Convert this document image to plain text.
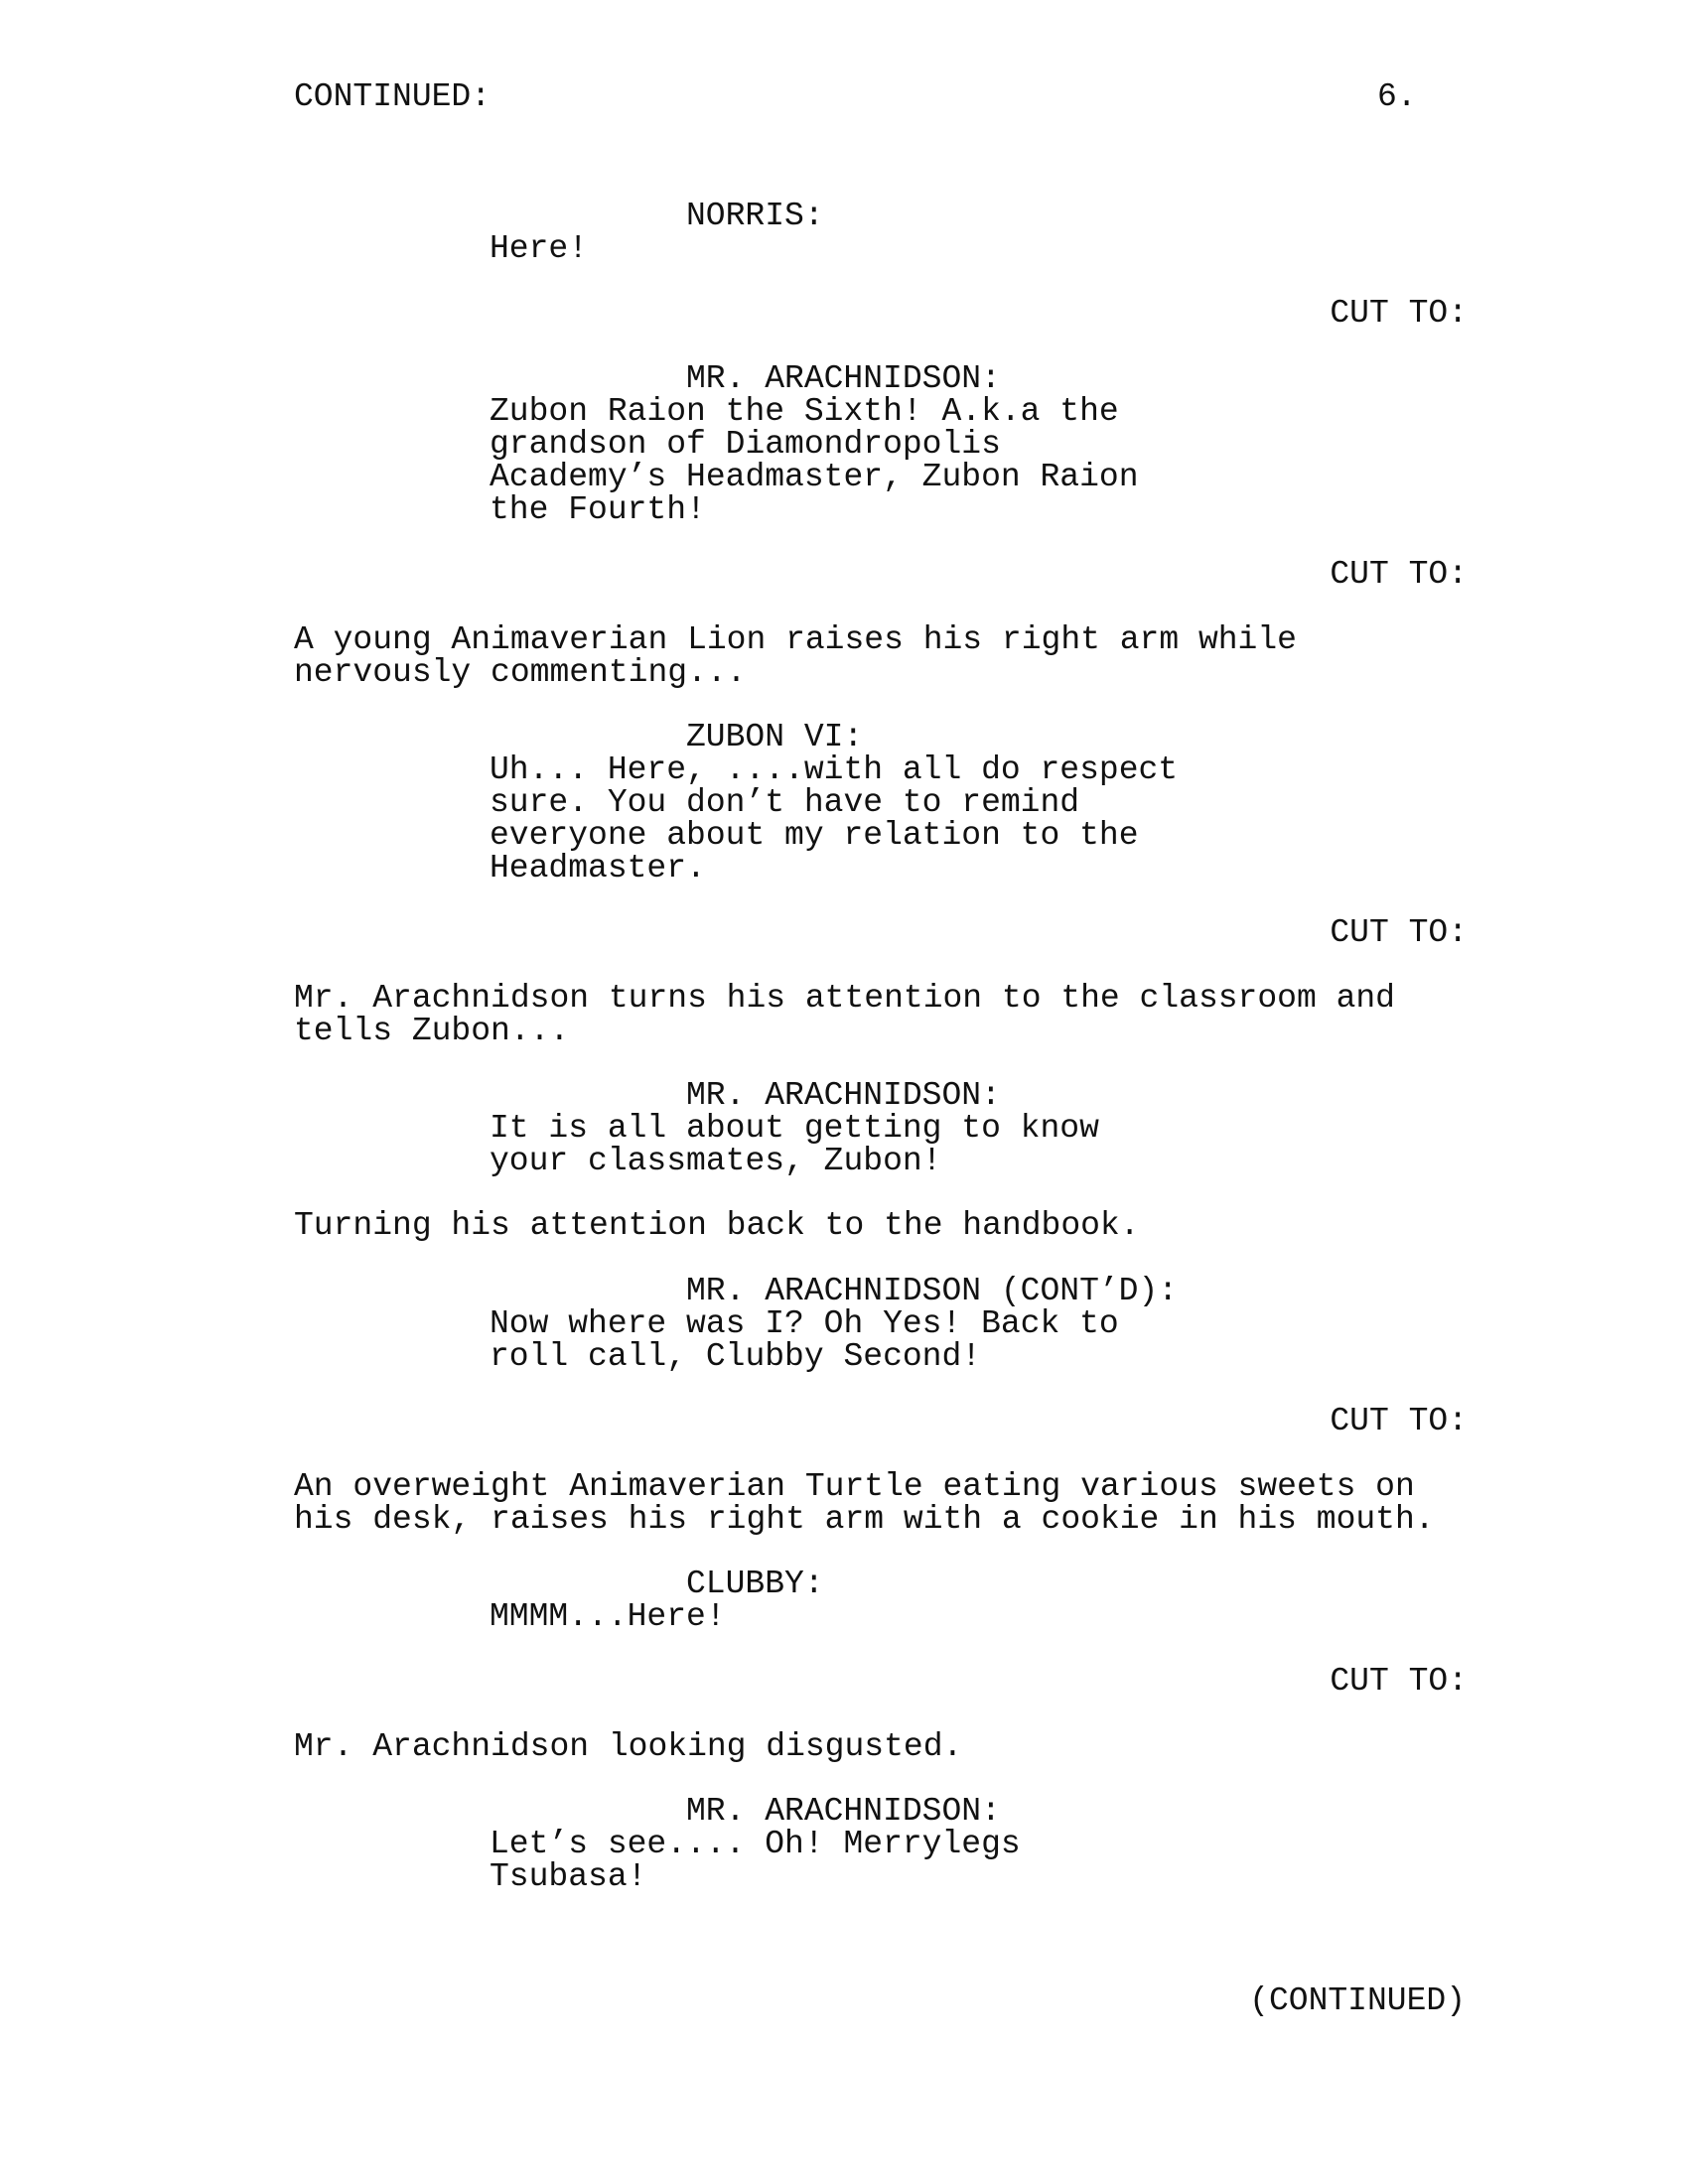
CONTINUED:	6.
NORRIS:
Here!
CUT TO:
MR. ARACHNIDSON:
Zubon Raion the Sixth! A.k.a the
grandson of Diamondropolis
Academy’s Headmaster, Zubon Raion
the Fourth!
CUT TO:
A young Animaverian Lion raises his right arm while
nervously commenting...
ZUBON VI:
Uh... Here, ....with all do respect
sure. You don’t have to remind
everyone about my relation to the
Headmaster.
CUT TO:
Mr. Arachnidson turns his attention to the classroom and
tells Zubon...
MR. ARACHNIDSON:
It is all about getting to know
your classmates, Zubon!
Turning his attention back to the handbook.
MR. ARACHNIDSON (CONT’D):
Now where was I? Oh Yes! Back to
roll call, Clubby Second!
CUT TO:
An overweight Animaverian Turtle eating various sweets on
his desk, raises his right arm with a cookie in his mouth.
CLUBBY:
MMMM...Here!
CUT TO:
Mr. Arachnidson looking disgusted.
MR. ARACHNIDSON:
Let’s see.... Oh! Merrylegs
Tsubasa!
(CONTINUED)
